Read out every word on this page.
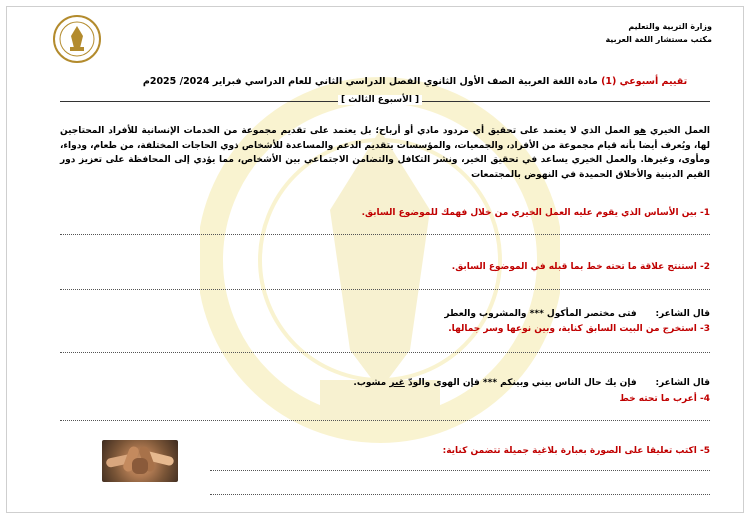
وزارة التربية والتعليم
مكتب مستشار اللغة العربية
تقييم أسبوعي (1) مادة اللغة العربية الصف الأول الثانوي الفصل الدراسي الثاني للعام الدراسي فبراير 2024/ 2025م
[ الأسبوع الثالث ]
العمل الخيري هو العمل الذي لا يعتمد على تحقيق أي مردود مادي أو أرباح؛ بل يعتمد على تقديم مجموعة من الخدمات الإنسانية للأفراد المحتاجين لها، ويُعرف أيضا بأنه قيام مجموعة من الأفراد، والجمعيات، والمؤسسات بتقديم الدعم والمساعدة للأشخاص ذوي الحاجات المختلفة، من طعام، ودواء، ومأوى، وغيرها. والعمل الخيري يساعد في تحقيق الخير، ونشر التكافل والتضامن الاجتماعي بين الأشخاص، مما يؤدي إلى المحافظة على تعزيز دور القيم الدينية والأخلاق الحميدة في النهوض بالمجتمعات
1- بين الأساس الذي يقوم عليه العمل الخيري من خلال فهمك للموضوع السابق.
2- استنتج علاقة ما تحته خط بما قبله في الموضوع السابق.
قال الشاعر:      فتى مختصر المأكول *** والمشروب والعطر
3- استخرج من البيت السابق كناية، وبين نوعها وسر جمالها.
قال الشاعر:      فإن يك حال الناس بيني وبينكم *** فإن الهوى والودّ غير مشوب.
4- أعرب ما تحته خط
5- اكتب تعليقا على الصورة بعبارة بلاغية جميلة تتضمن كناية:
